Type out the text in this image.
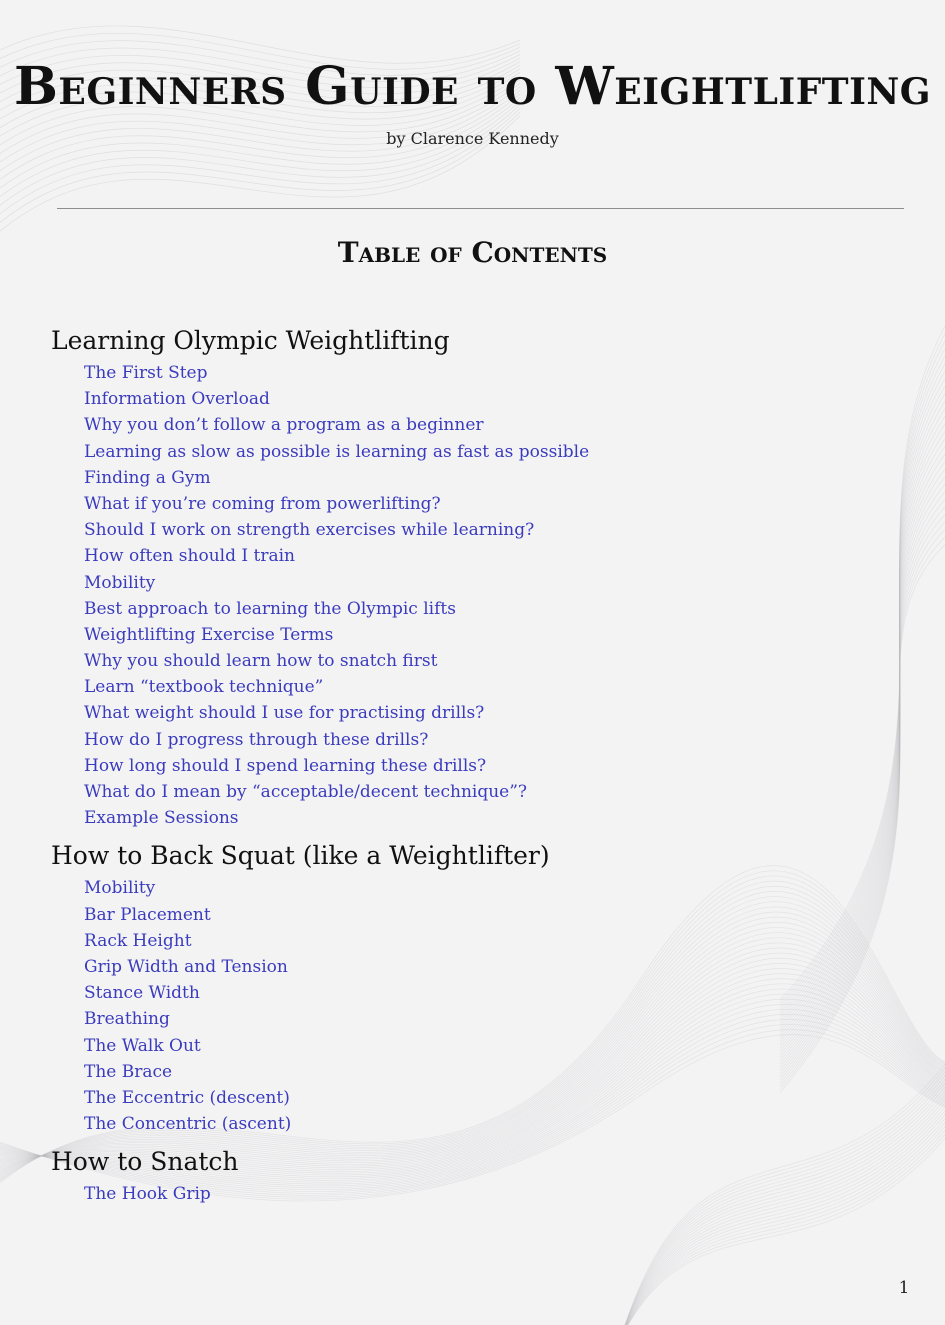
Beginners Guide to Weightlifting
by Clarence Kennedy
Table of Contents
Learning Olympic Weightlifting
The First Step
Information Overload
Why you don’t follow a program as a beginner
Learning as slow as possible is learning as fast as possible
Finding a Gym
What if you’re coming from powerlifting?
Should I work on strength exercises while learning?
How often should I train
Mobility
Best approach to learning the Olympic lifts
Weightlifting Exercise Terms
Why you should learn how to snatch first
Learn “textbook technique”
What weight should I use for practising drills?
How do I progress through these drills?
How long should I spend learning these drills?
What do I mean by “acceptable/decent technique”?
Example Sessions
How to Back Squat (like a Weightlifter)
Mobility
Bar Placement
Rack Height
Grip Width and Tension
Stance Width
Breathing
The Walk Out
The Brace
The Eccentric (descent)
The Concentric (ascent)
How to Snatch
The Hook Grip
1
